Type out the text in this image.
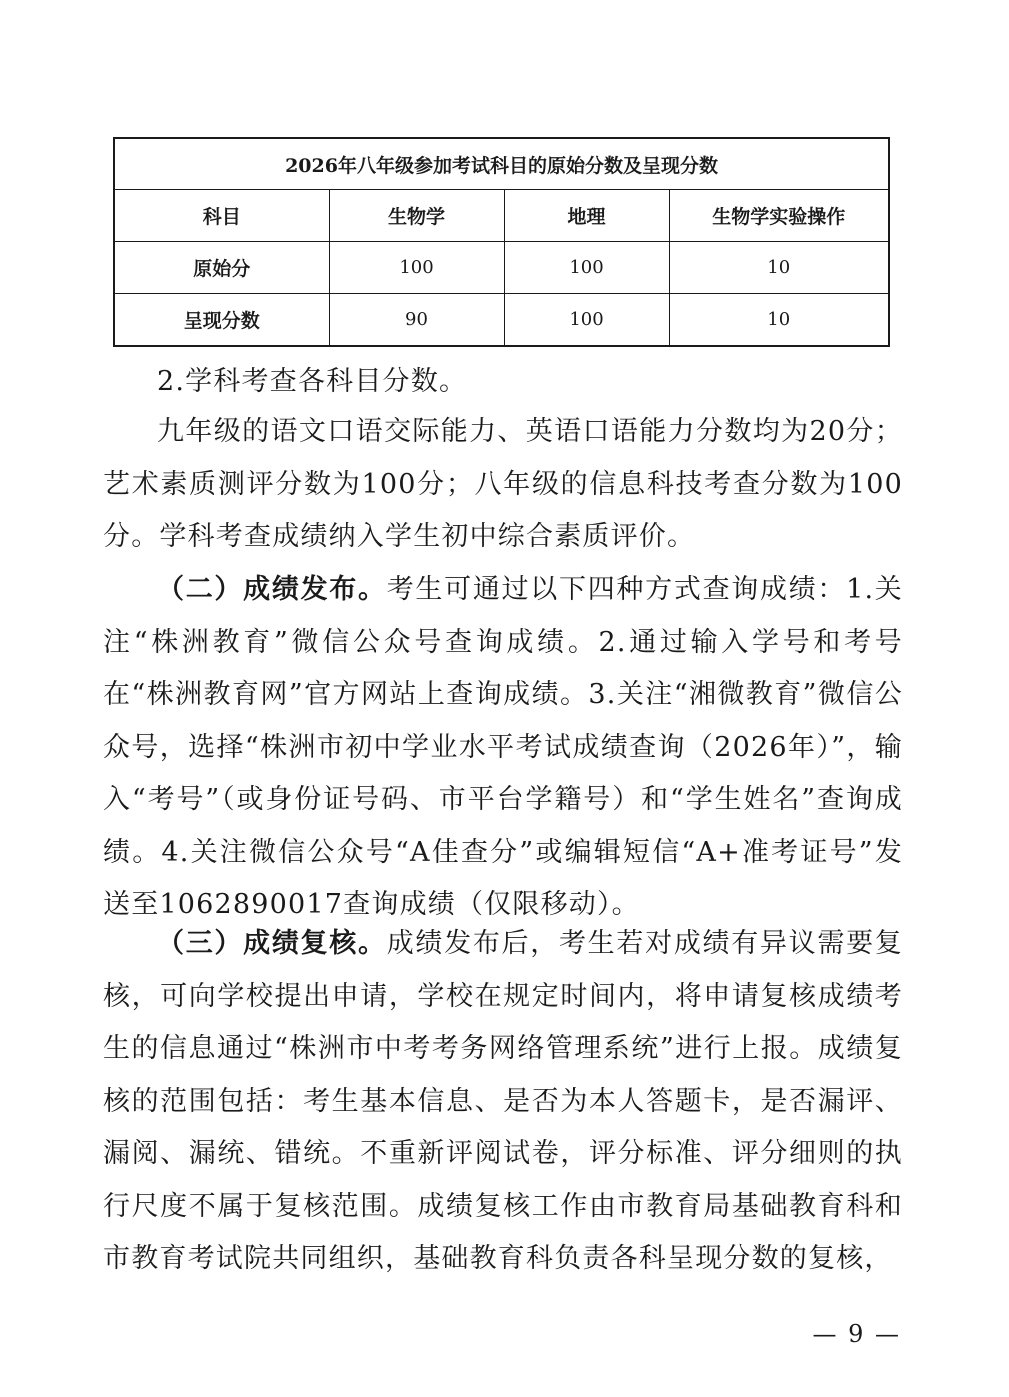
2026年八年级参加考试科目的原始分数及呈现分数			
科目	生物学	地理	生物学实验操作
原始分	100	100	10
呈现分数	90	100	10

2.学科考查各科目分数。

九年级的语文口语交际能力、英语口语能力分数均为20分；艺术素质测评分数为100分；八年级的信息科技考查分数为100分。学科考查成绩纳入学生初中综合素质评价。

（二）成绩发布。考生可通过以下四种方式查询成绩：1.关注“株洲教育”微信公众号查询成绩。2.通过输入学号和考号在“株洲教育网”官方网站上查询成绩。3.关注“湘微教育”微信公众号，选择“株洲市初中学业水平考试成绩查询（2026年）”，输入“考号”（或身份证号码、市平台学籍号）和“学生姓名”查询成绩。4.关注微信公众号“A佳查分”或编辑短信“A+准考证号”发送至1062890017查询成绩（仅限移动）。

（三）成绩复核。成绩发布后，考生若对成绩有异议需要复核，可向学校提出申请，学校在规定时间内，将申请复核成绩考生的信息通过“株洲市中考考务网络管理系统”进行上报。成绩复核的范围包括：考生基本信息、是否为本人答题卡，是否漏评、漏阅、漏统、错统。不重新评阅试卷，评分标准、评分细则的执行尺度不属于复核范围。成绩复核工作由市教育局基础教育科和市教育考试院共同组织，基础教育科负责各科呈现分数的复核，

— 9 —
